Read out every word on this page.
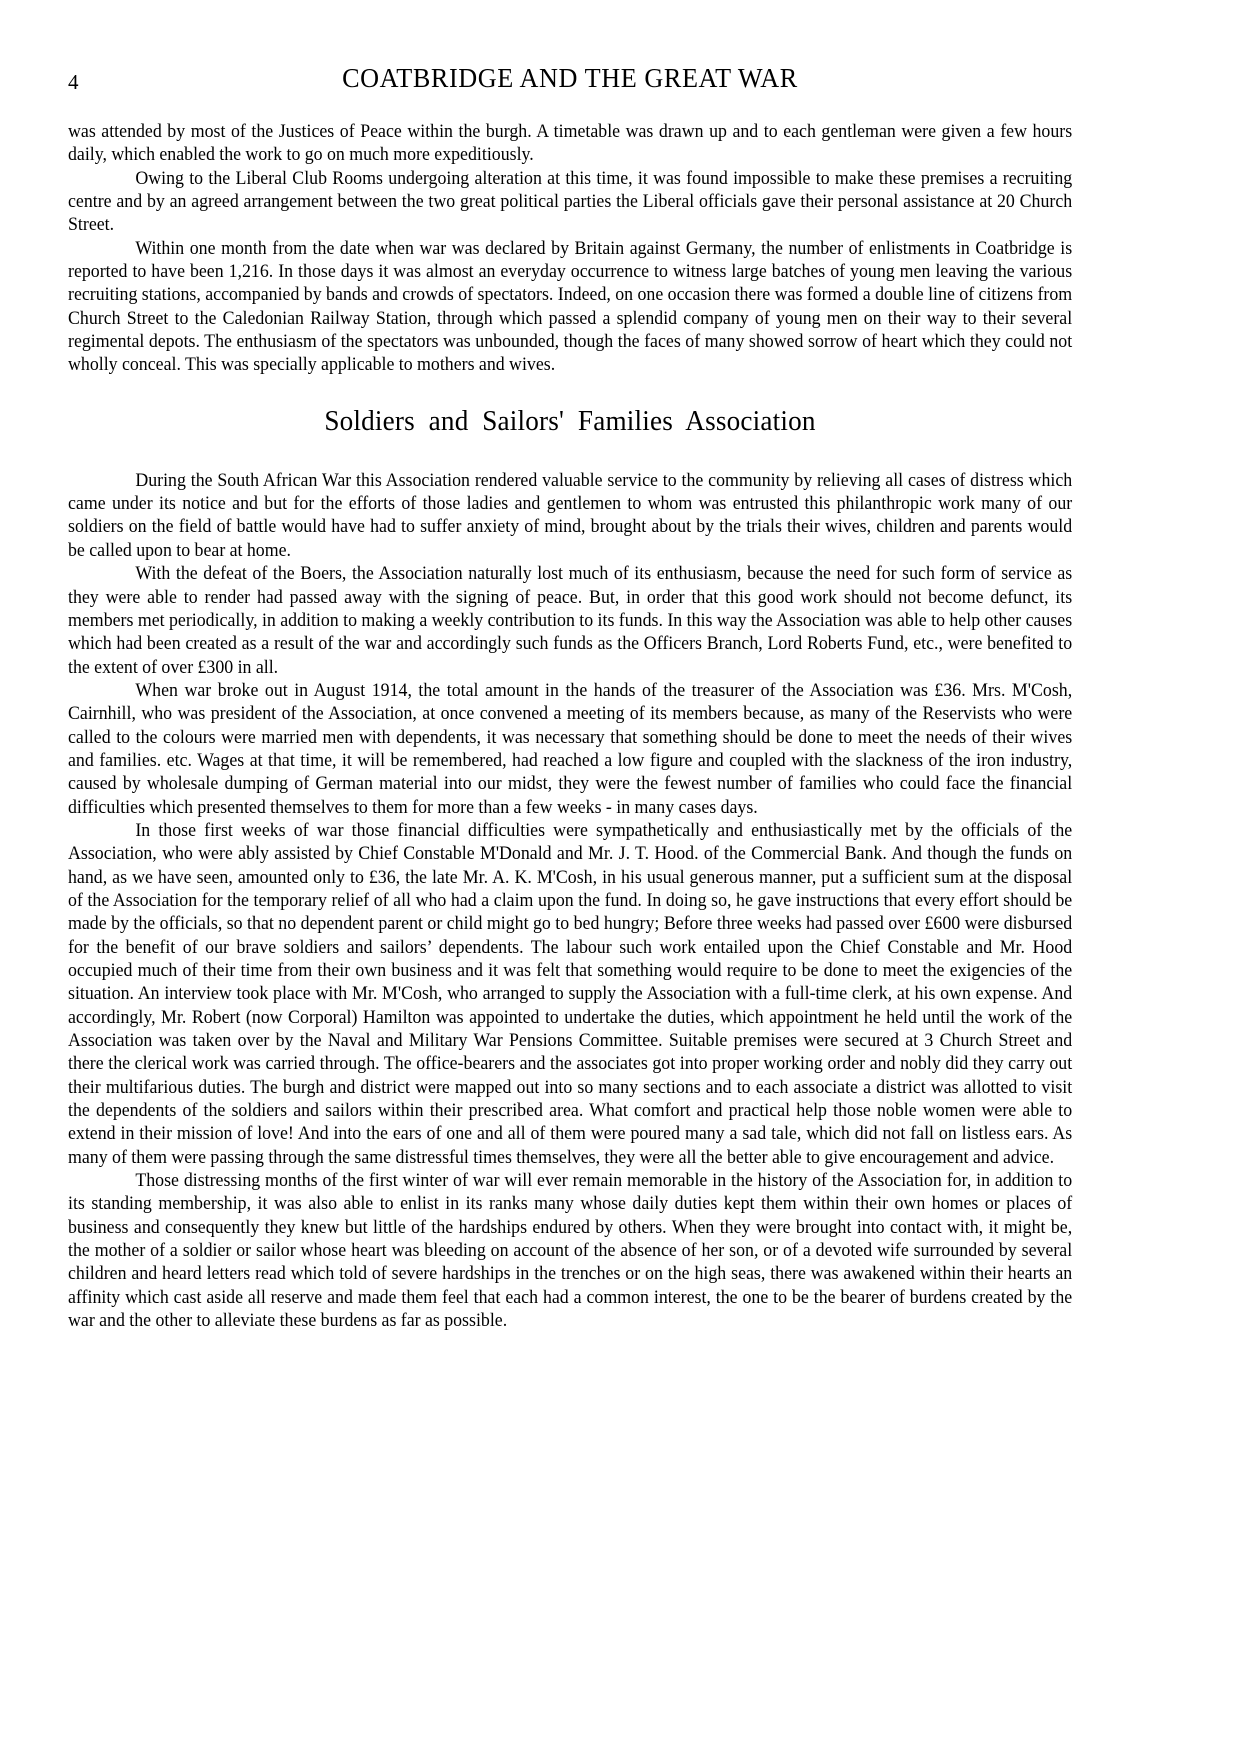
4	COATBRIDGE AND THE GREAT WAR

was attended by most of the Justices of Peace within the burgh. A timetable was drawn up and to each gentleman were given a few hours daily, which enabled the work to go on much more expeditiously.

Owing to the Liberal Club Rooms undergoing alteration at this time, it was found impossible to make these premises a recruiting centre and by an agreed arrangement between the two great political parties the Liberal officials gave their personal assistance at 20 Church Street.

Within one month from the date when war was declared by Britain against Germany, the number of enlistments in Coatbridge is reported to have been 1,216. In those days it was almost an everyday occurrence to witness large batches of young men leaving the various recruiting stations, accompanied by bands and crowds of spectators. Indeed, on one occasion there was formed a double line of citizens from Church Street to the Caledonian Railway Station, through which passed a splendid company of young men on their way to their several regimental depots. The enthusiasm of the spectators was unbounded, though the faces of many showed sorrow of heart which they could not wholly conceal. This was specially applicable to mothers and wives.

Soldiers and Sailors' Families Association

During the South African War this Association rendered valuable service to the community by relieving all cases of distress which came under its notice and but for the efforts of those ladies and gentlemen to whom was entrusted this philanthropic work many of our soldiers on the field of battle would have had to suffer anxiety of mind, brought about by the trials their wives, children and parents would be called upon to bear at home.

With the defeat of the Boers, the Association naturally lost much of its enthusiasm, because the need for such form of service as they were able to render had passed away with the signing of peace. But, in order that this good work should not become defunct, its members met periodically, in addition to making a weekly contribution to its funds. In this way the Association was able to help other causes which had been created as a result of the war and accordingly such funds as the Officers Branch, Lord Roberts Fund, etc., were benefited to the extent of over £300 in all.

When war broke out in August 1914, the total amount in the hands of the treasurer of the Association was £36. Mrs. M'Cosh, Cairnhill, who was president of the Association, at once convened a meeting of its members because, as many of the Reservists who were called to the colours were married men with dependents, it was necessary that something should be done to meet the needs of their wives and families. etc. Wages at that time, it will be remembered, had reached a low figure and coupled with the slackness of the iron industry, caused by wholesale dumping of German material into our midst, they were the fewest number of families who could face the financial difficulties which presented themselves to them for more than a few weeks - in many cases days.

In those first weeks of war those financial difficulties were sympathetically and enthusiastically met by the officials of the Association, who were ably assisted by Chief Constable M'Donald and Mr. J. T. Hood. of the Commercial Bank. And though the funds on hand, as we have seen, amounted only to £36, the late Mr. A. K. M'Cosh, in his usual generous manner, put a sufficient sum at the disposal of the Association for the temporary relief of all who had a claim upon the fund. In doing so, he gave instructions that every effort should be made by the officials, so that no dependent parent or child might go to bed hungry; Before three weeks had passed over £600 were disbursed for the benefit of our brave soldiers and sailors’ dependents. The labour such work entailed upon the Chief Constable and Mr. Hood occupied much of their time from their own business and it was felt that something would require to be done to meet the exigencies of the situation. An interview took place with Mr. M'Cosh, who arranged to supply the Association with a full-time clerk, at his own expense. And accordingly, Mr. Robert (now Corporal) Hamilton was appointed to undertake the duties, which appointment he held until the work of the Association was taken over by the Naval and Military War Pensions Committee. Suitable premises were secured at 3 Church Street and there the clerical work was carried through. The office-bearers and the associates got into proper working order and nobly did they carry out their multifarious duties. The burgh and district were mapped out into so many sections and to each associate a district was allotted to visit the dependents of the soldiers and sailors within their prescribed area. What comfort and practical help those noble women were able to extend in their mission of love! And into the ears of one and all of them were poured many a sad tale, which did not fall on listless ears. As many of them were passing through the same distressful times themselves, they were all the better able to give encouragement and advice.

Those distressing months of the first winter of war will ever remain memorable in the history of the Association for, in addition to its standing membership, it was also able to enlist in its ranks many whose daily duties kept them within their own homes or places of business and consequently they knew but little of the hardships endured by others. When they were brought into contact with, it might be, the mother of a soldier or sailor whose heart was bleeding on account of the absence of her son, or of a devoted wife surrounded by several children and heard letters read which told of severe hardships in the trenches or on the high seas, there was awakened within their hearts an affinity which cast aside all reserve and made them feel that each had a common interest, the one to be the bearer of burdens created by the war and the other to alleviate these burdens as far as possible.
